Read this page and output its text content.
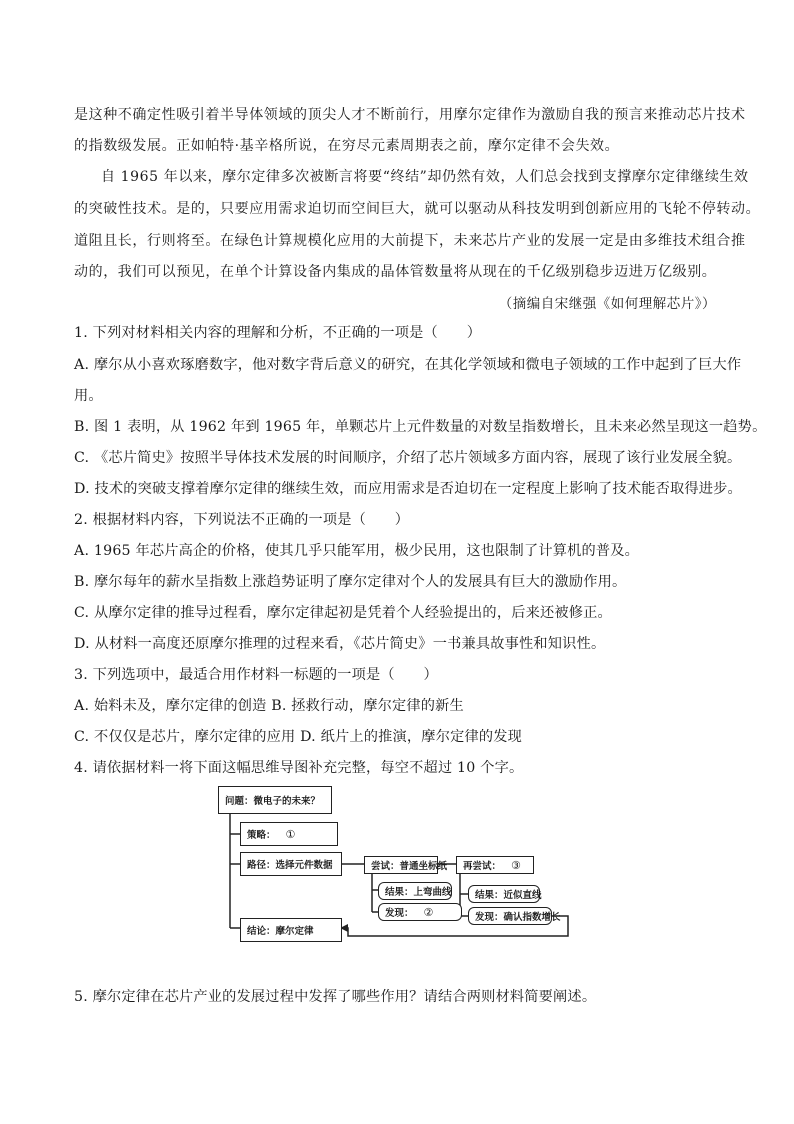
是这种不确定性吸引着半导体领域的顶尖人才不断前行，用摩尔定律作为激励自我的预言来推动芯片技术
的指数级发展。正如帕特·基辛格所说，在穷尽元素周期表之前，摩尔定律不会失效。
自 1965 年以来，摩尔定律多次被断言将要“终结”却仍然有效，人们总会找到支撑摩尔定律继续生效
的突破性技术。是的，只要应用需求迫切而空间巨大，就可以驱动从科技发明到创新应用的飞轮不停转动。
道阻且长，行则将至。在绿色计算规模化应用的大前提下，未来芯片产业的发展一定是由多维技术组合推
动的，我们可以预见，在单个计算设备内集成的晶体管数量将从现在的千亿级别稳步迈进万亿级别。
（摘编自宋继强《如何理解芯片》）
1. 下列对材料相关内容的理解和分析，不正确的一项是（　　）
A. 摩尔从小喜欢琢磨数字，他对数字背后意义的研究，在其化学领域和微电子领域的工作中起到了巨大作
用。
B. 图 1 表明，从 1962 年到 1965 年，单颗芯片上元件数量的对数呈指数增长，且未来必然呈现这一趋势。
C. 《芯片简史》按照半导体技术发展的时间顺序，介绍了芯片领域多方面内容，展现了该行业发展全貌。
D. 技术的突破支撑着摩尔定律的继续生效，而应用需求是否迫切在一定程度上影响了技术能否取得进步。
2. 根据材料内容，下列说法不正确的一项是（　　）
A. 1965 年芯片高企的价格，使其几乎只能军用，极少民用，这也限制了计算机的普及。
B. 摩尔每年的薪水呈指数上涨趋势证明了摩尔定律对个人的发展具有巨大的激励作用。
C. 从摩尔定律的推导过程看，摩尔定律起初是凭着个人经验提出的，后来还被修正。
D. 从材料一高度还原摩尔推理的过程来看，《芯片简史》一书兼具故事性和知识性。
3. 下列选项中，最适合用作材料一标题的一项是（　　）
A. 始料未及，摩尔定律的创造 B. 拯救行动，摩尔定律的新生
C. 不仅仅是芯片，摩尔定律的应用 D. 纸片上的推演，摩尔定律的发现
4. 请依据材料一将下面这幅思维导图补充完整，每空不超过 10 个字。
问题：微电子的未来？
策略： ①
路径：选择元件数据	尝试：普通坐标纸
结果：上弯曲线
发现： ②
再尝试： ③
结果：近似直线
发现：确认指数增长
结论：摩尔定律
5. 摩尔定律在芯片产业的发展过程中发挥了哪些作用？请结合两则材料简要阐述。
